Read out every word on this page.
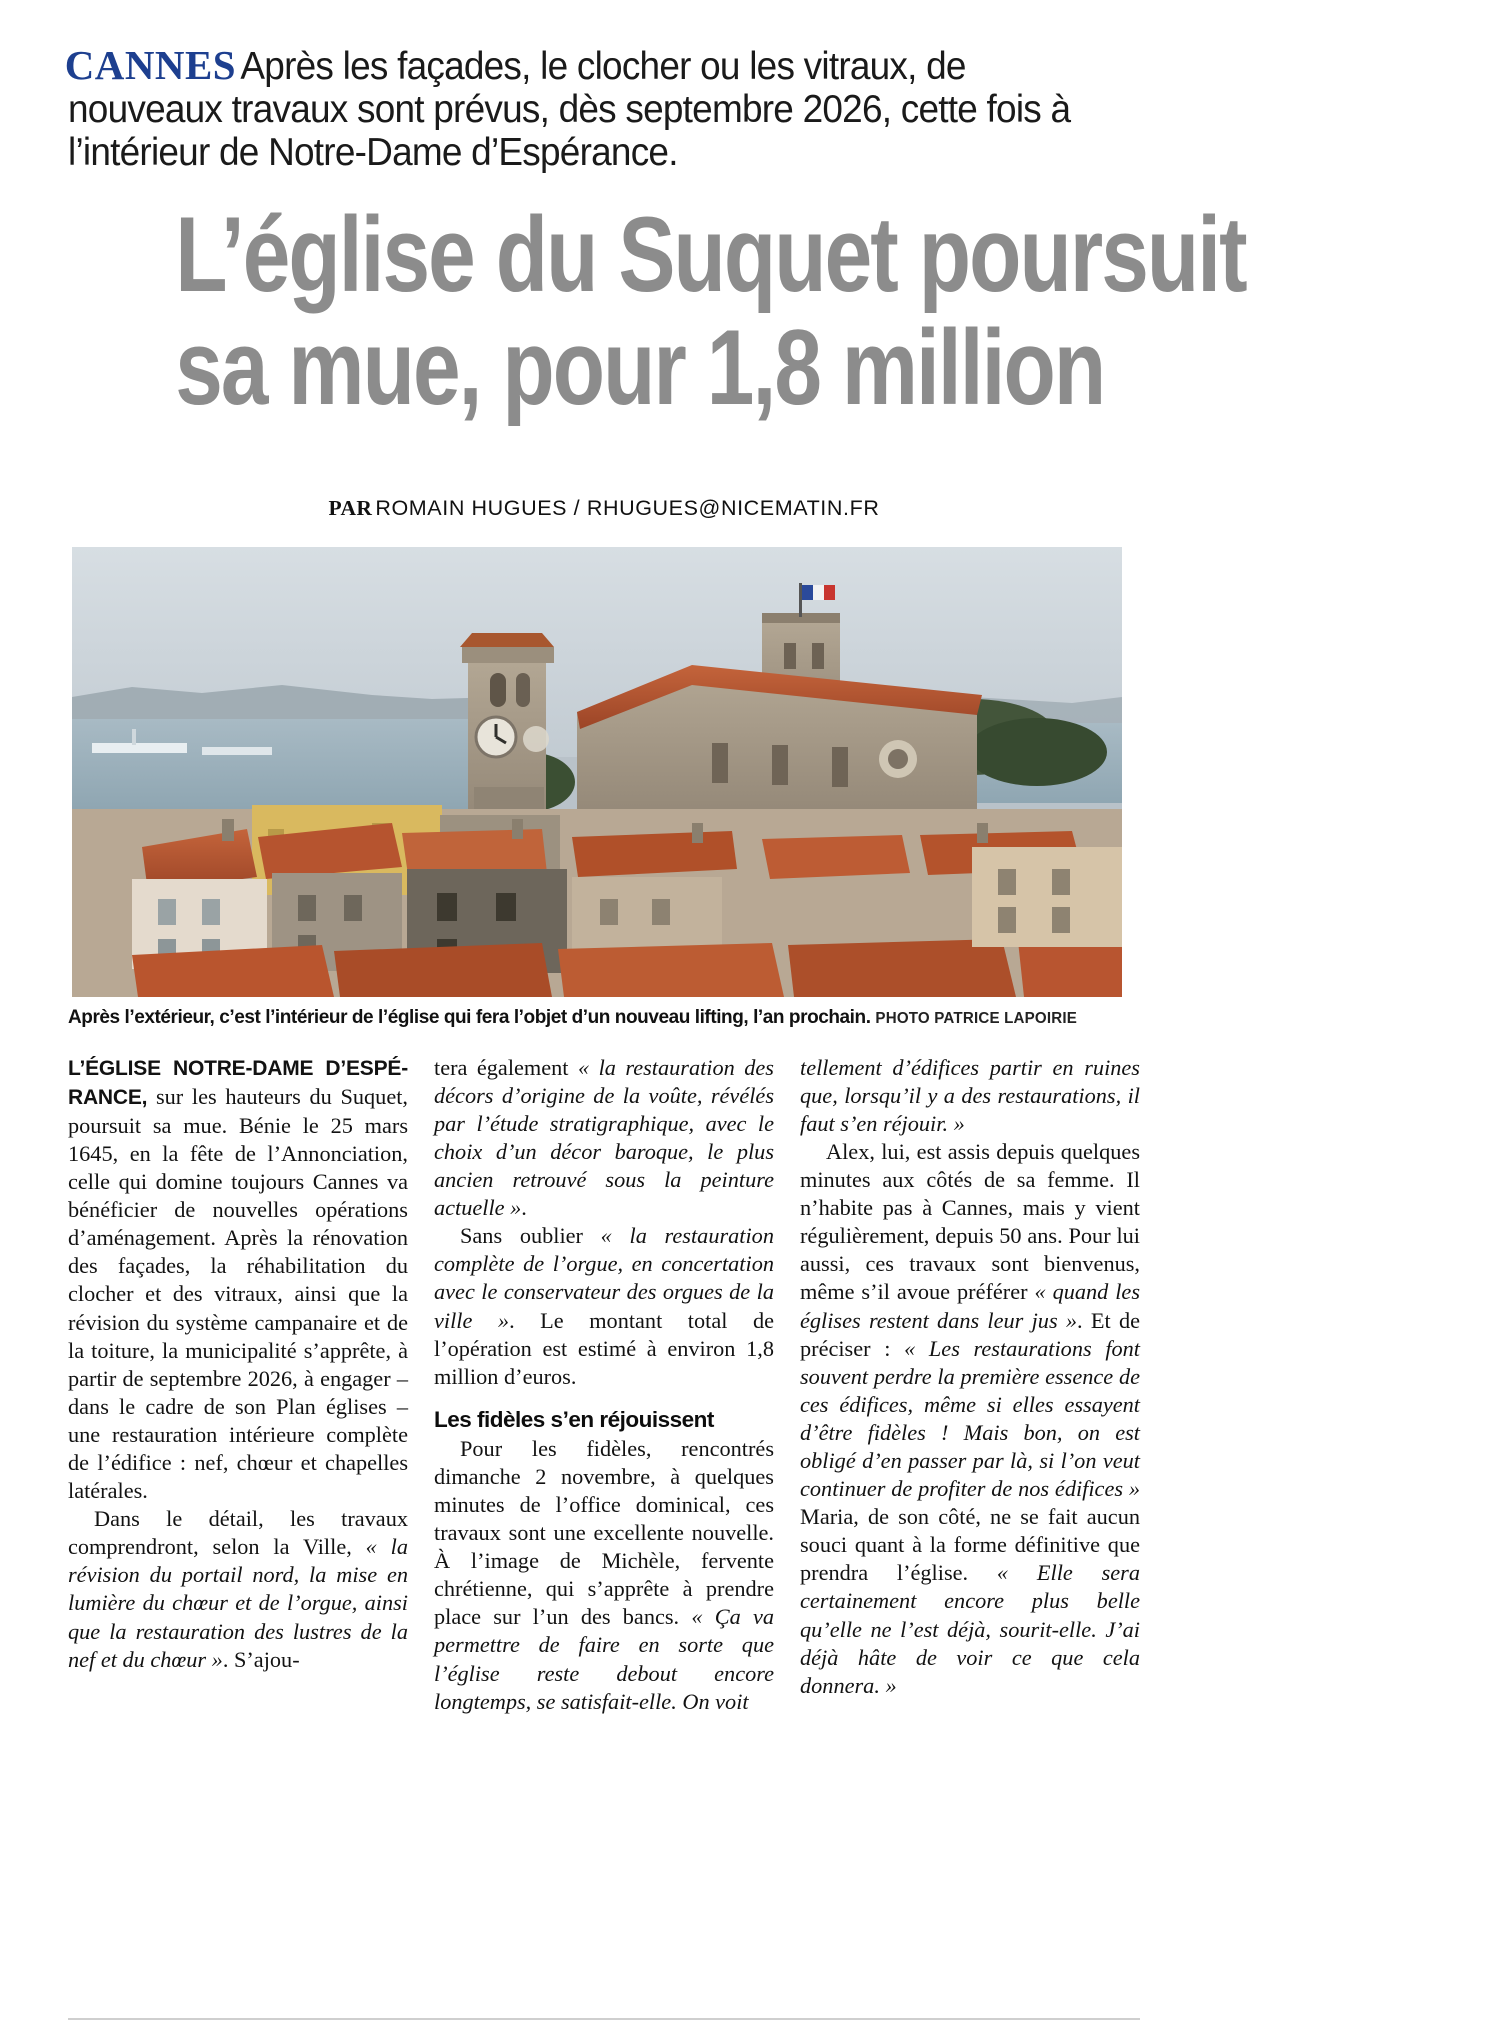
CANNES Après les façades, le clocher ou les vitraux, de nouveaux travaux sont prévus, dès septembre 2026, cette fois à l’intérieur de Notre-Dame d’Espérance.
L’église du Suquet poursuit
sa mue, pour 1,8 million
PAR ROMAIN HUGUES / RHUGUES@NICEMATIN.FR
Après l’extérieur, c’est l’intérieur de l’église qui fera l’objet d’un nouveau lifting, l’an prochain. PHOTO PATRICE LAPOIRIE

L’ÉGLISE NOTRE-DAME D’ESPÉ-RANCE, sur les hauteurs du Suquet, poursuit sa mue. Bénie le 25 mars 1645, en la fête de l’Annonciation, celle qui domine toujours Cannes va bénéficier de nouvelles opérations d’aménagement. Après la rénovation des façades, la réhabilitation du clocher et des vitraux, ainsi que la révision du système campanaire et de la toiture, la municipalité s’apprête, à partir de septembre 2026, à engager – dans le cadre de son Plan églises – une restauration intérieure complète de l’édifice : nef, chœur et chapelles latérales.

Dans le détail, les travaux comprendront, selon la Ville, « la révision du portail nord, la mise en lumière du chœur et de l’orgue, ainsi que la restauration des lustres de la nef et du chœur ». S’ajou-

tera également « la restauration des décors d’origine de la voûte, révélés par l’étude stratigraphique, avec le choix d’un décor baroque, le plus ancien retrouvé sous la peinture actuelle ».

Sans oublier « la restauration complète de l’orgue, en concertation avec le conservateur des orgues de la ville ». Le montant total de l’opération est estimé à environ 1,8 million d’euros.

Les fidèles s’en réjouissent

Pour les fidèles, rencontrés dimanche 2 novembre, à quelques minutes de l’office dominical, ces travaux sont une excellente nouvelle. À l’image de Michèle, fervente chrétienne, qui s’apprête à prendre place sur l’un des bancs. « Ça va permettre de faire en sorte que l’église reste debout encore longtemps, se satisfait-elle. On voit

tellement d’édifices partir en ruines que, lorsqu’il y a des restaurations, il faut s’en réjouir. »

Alex, lui, est assis depuis quelques minutes aux côtés de sa femme. Il n’habite pas à Cannes, mais y vient régulièrement, depuis 50 ans. Pour lui aussi, ces travaux sont bienvenus, même s’il avoue préférer « quand les églises restent dans leur jus ». Et de préciser : « Les restaurations font souvent perdre la première essence de ces édifices, même si elles essayent d’être fidèles ! Mais bon, on est obligé d’en passer par là, si l’on veut continuer de profiter de nos édifices » Maria, de son côté, ne se fait aucun souci quant à la forme définitive que prendra l’église. « Elle sera certainement encore plus belle qu’elle ne l’est déjà, sourit-elle. J’ai déjà hâte de voir ce que cela donnera. »
